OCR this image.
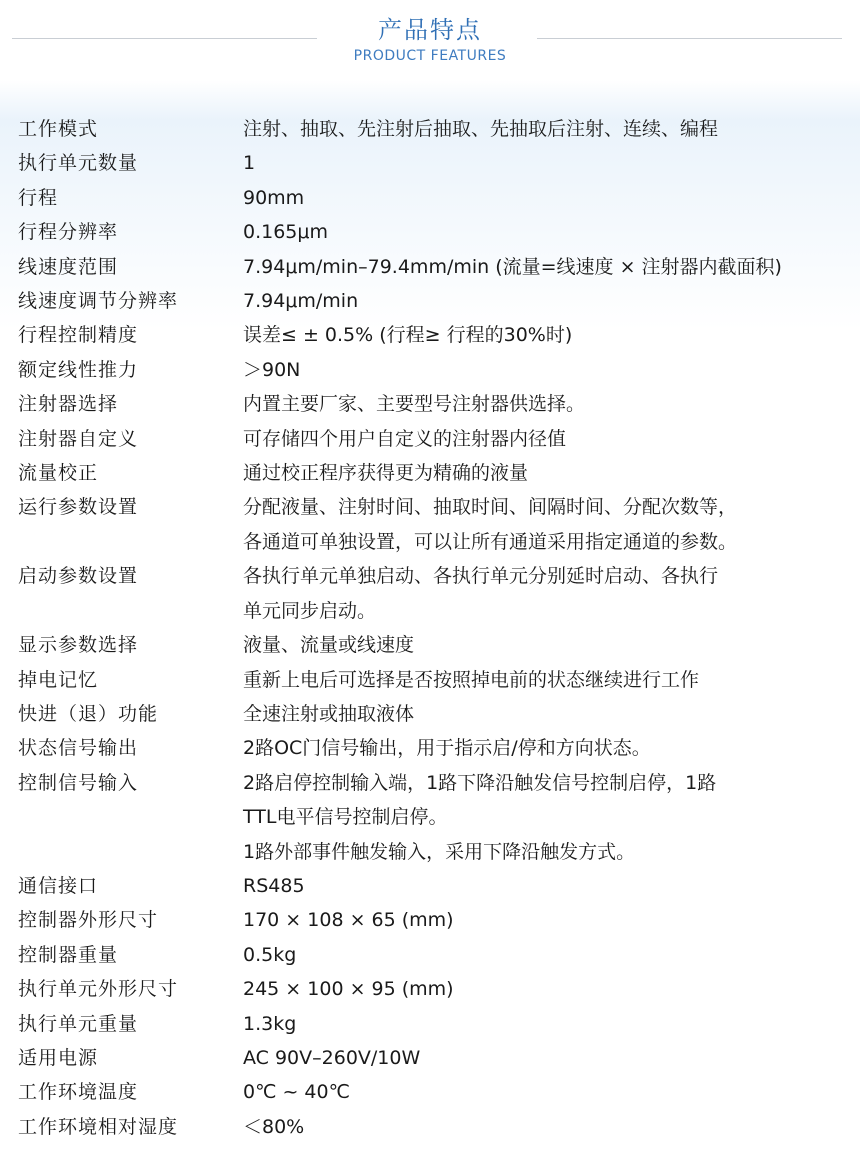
产品特点
PRODUCT FEATURES
工作模式	注射、抽取、先注射后抽取、先抽取后注射、连续、编程
执行单元数量	1
行程	90mm
行程分辨率	0.165μm
线速度范围	7.94μm/min–79.4mm/min (流量=线速度 × 注射器内截面积)
线速度调节分辨率	7.94μm/min
行程控制精度	误差≤ ± 0.5% (行程≥ 行程的30%时)
额定线性推力	＞90N
注射器选择	内置主要厂家、主要型号注射器供选择。
注射器自定义	可存储四个用户自定义的注射器内径值
流量校正	通过校正程序获得更为精确的液量
运行参数设置	分配液量、注射时间、抽取时间、间隔时间、分配次数等，
各通道可单独设置，可以让所有通道采用指定通道的参数。
启动参数设置	各执行单元单独启动、各执行单元分别延时启动、各执行
单元同步启动。
显示参数选择	液量、流量或线速度
掉电记忆	重新上电后可选择是否按照掉电前的状态继续进行工作
快进（退）功能	全速注射或抽取液体
状态信号输出	2路OC门信号输出，用于指示启/停和方向状态。
控制信号输入	2路启停控制输入端，1路下降沿触发信号控制启停，1路
TTL电平信号控制启停。
1路外部事件触发输入，采用下降沿触发方式。
通信接口	RS485
控制器外形尺寸	170 × 108 × 65 (mm)
控制器重量	0.5kg
执行单元外形尺寸	245 × 100 × 95 (mm)
执行单元重量	1.3kg
适用电源	AC 90V–260V/10W
工作环境温度	0℃ ~ 40℃
工作环境相对湿度	＜80%
